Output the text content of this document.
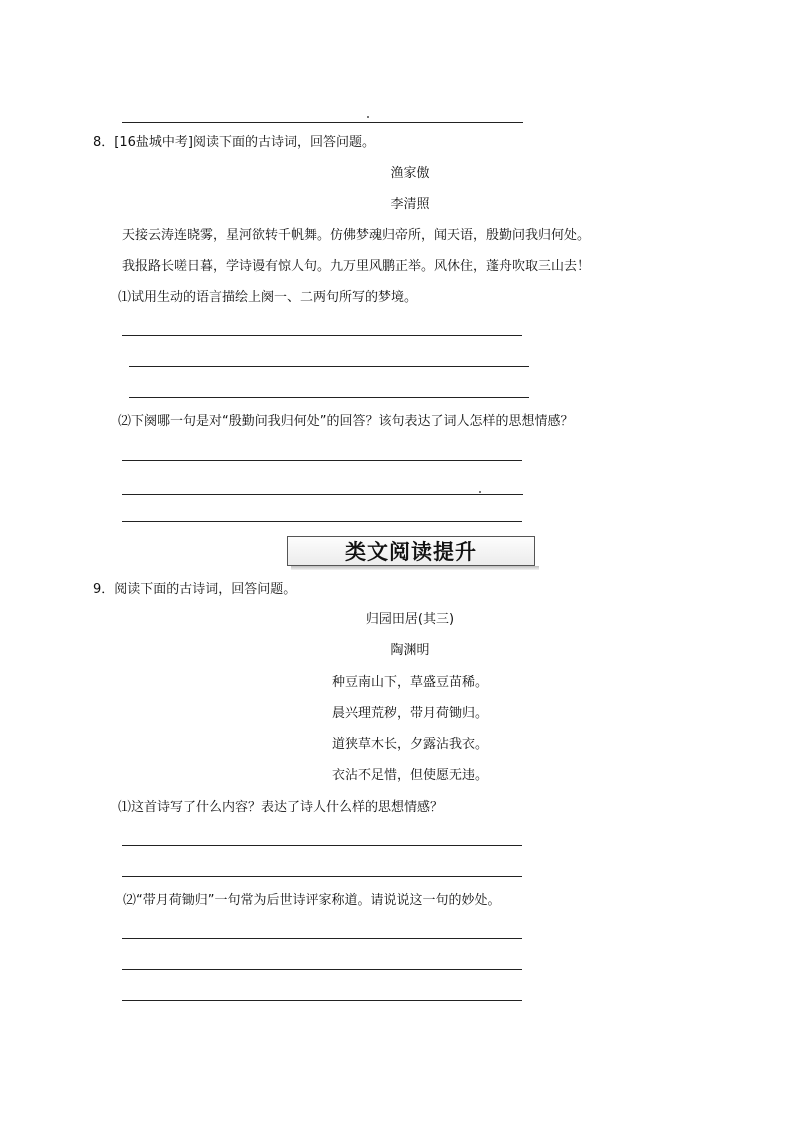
8．[16盐城中考]阅读下面的古诗词，回答问题。
渔家傲
李清照
天接云涛连晓雾，星河欲转千帆舞。仿佛梦魂归帝所，闻天语，殷勤问我归何处。
我报路长嗟日暮，学诗谩有惊人句。九万里风鹏正举。风休住，蓬舟吹取三山去！
⑴试用生动的语言描绘上阕一、二两句所写的梦境。
⑵下阕哪一句是对“殷勤问我归何处”的回答？该句表达了词人怎样的思想情感？
类文阅读提升
9．阅读下面的古诗词，回答问题。
归园田居(其三)
陶渊明
种豆南山下，草盛豆苗稀。
晨兴理荒秽，带月荷锄归。
道狭草木长，夕露沾我衣。
衣沾不足惜，但使愿无违。
⑴这首诗写了什么内容？表达了诗人什么样的思想情感？
⑵“带月荷锄归”一句常为后世诗评家称道。请说说这一句的妙处。
